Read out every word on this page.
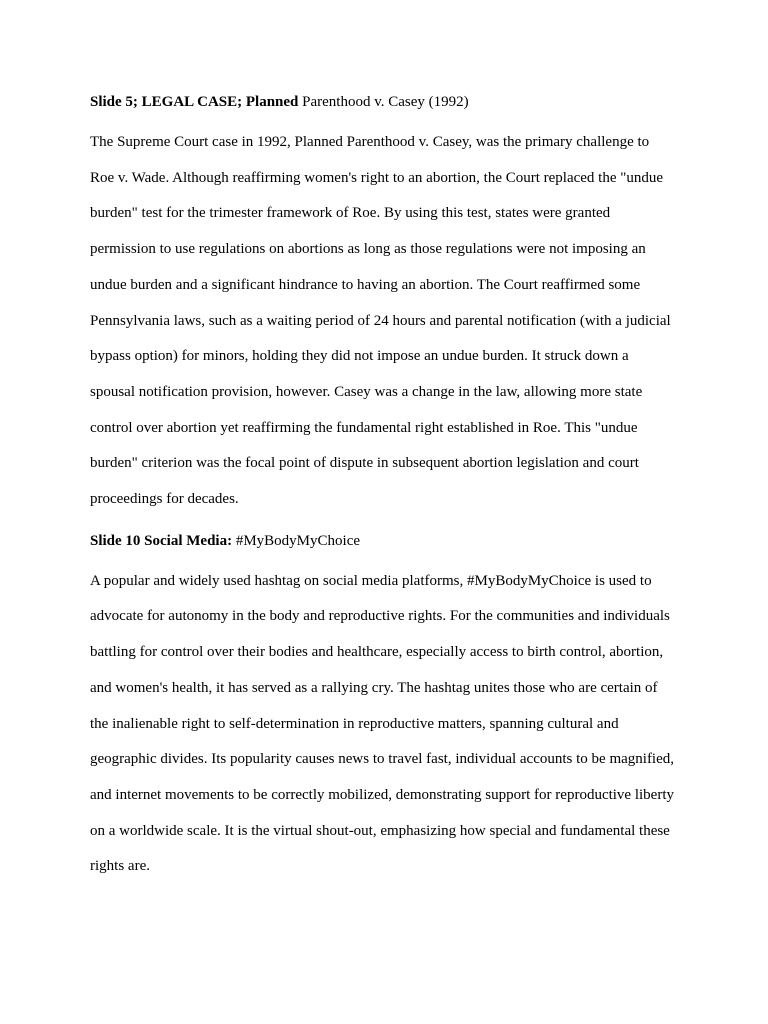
Slide 5; LEGAL CASE; Planned Parenthood v. Casey (1992)

The Supreme Court case in 1992, Planned Parenthood v. Casey, was the primary challenge to
Roe v. Wade. Although reaffirming women's right to an abortion, the Court replaced the "undue
burden" test for the trimester framework of Roe. By using this test, states were granted
permission to use regulations on abortions as long as those regulations were not imposing an
undue burden and a significant hindrance to having an abortion. The Court reaffirmed some
Pennsylvania laws, such as a waiting period of 24 hours and parental notification (with a judicial
bypass option) for minors, holding they did not impose an undue burden. It struck down a
spousal notification provision, however. Casey was a change in the law, allowing more state
control over abortion yet reaffirming the fundamental right established in Roe. This "undue
burden" criterion was the focal point of dispute in subsequent abortion legislation and court
proceedings for decades.

Slide 10 Social Media: #MyBodyMyChoice

A popular and widely used hashtag on social media platforms, #MyBodyMyChoice is used to
advocate for autonomy in the body and reproductive rights. For the communities and individuals
battling for control over their bodies and healthcare, especially access to birth control, abortion,
and women's health, it has served as a rallying cry. The hashtag unites those who are certain of
the inalienable right to self-determination in reproductive matters, spanning cultural and
geographic divides. Its popularity causes news to travel fast, individual accounts to be magnified,
and internet movements to be correctly mobilized, demonstrating support for reproductive liberty
on a worldwide scale. It is the virtual shout-out, emphasizing how special and fundamental these
rights are.
